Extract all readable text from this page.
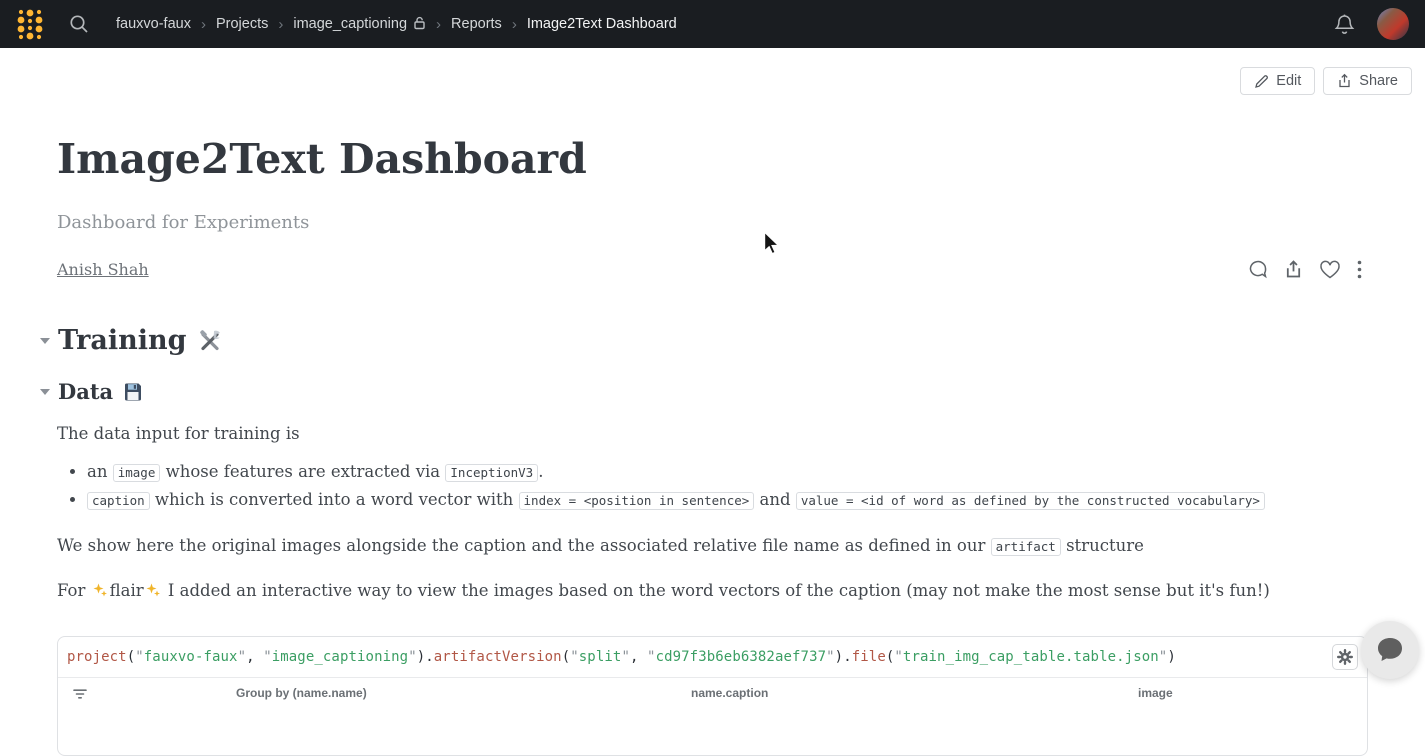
fauxvo-faux › Projects › image_captioning	› Reports › Image2Text Dashboard
Edit	Share
Image2Text Dashboard
Dashboard for Experiments
Anish Shah
Training
Data

The data input for training is

• an image whose features are extracted via InceptionV3 .
• caption which is converted into a word vector with index = <position in sentence> and value = <id of word as defined by the constructed vocabulary>

We show here the original images alongside the caption and the associated relative file name as defined in our artifact structure

For
flair
I added an interactive way to view the images based on the word vectors of the caption (may not make the most sense but it's fun!)

project("fauxvo-faux", "image_captioning").artifactVersion("split", "cd97f3b6eb6382aef737").file("train_img_cap_table.table.json")
Group by (name.name)	name.caption	image
